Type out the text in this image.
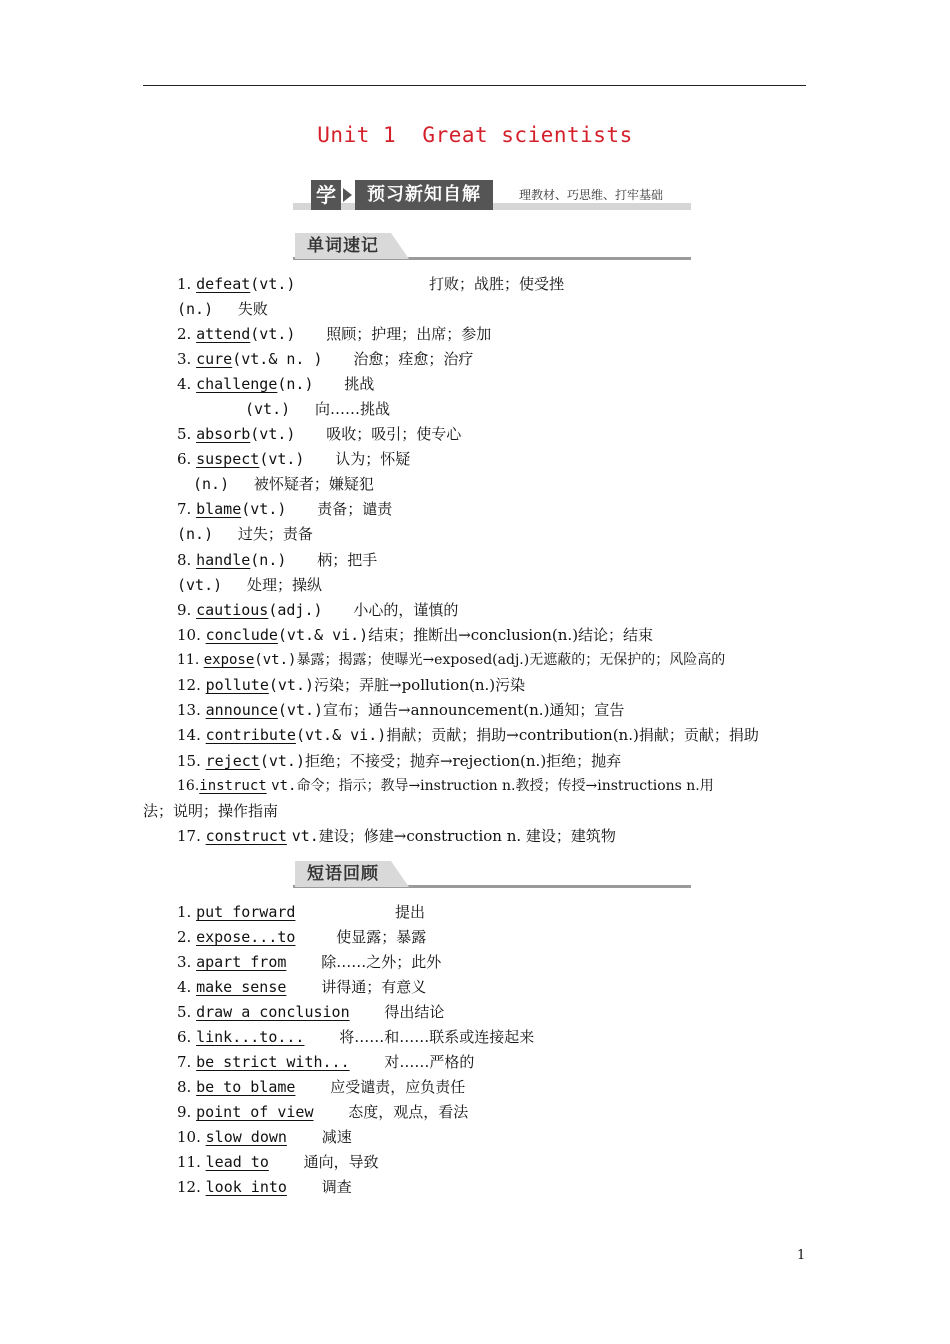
Unit 1  Great scientists
学	预习新知自解	理教材、巧思维、打牢基础
单词速记
1. defeat(vt.)	打败；战胜；使受挫
(n.) 失败
2. attend(vt.) 照顾；护理；出席；参加
3. cure(vt.& n. ) 治愈；痊愈；治疗
4. challenge(n.) 挑战
(vt.) 向……挑战
5. absorb(vt.) 吸收；吸引；使专心
6. suspect(vt.) 认为；怀疑
(n.) 被怀疑者；嫌疑犯
7. blame(vt.) 责备；谴责
(n.) 过失；责备
8. handle(n.) 柄；把手
(vt.) 处理；操纵
9. cautious(adj.) 小心的，谨慎的
10. conclude(vt.& vi.)结束；推断出→conclusion(n.)结论；结束
11. expose(vt.)暴露；揭露；使曝光→exposed(adj.)无遮蔽的；无保护的；风险高的
12. pollute(vt.)污染；弄脏→pollution(n.)污染
13. announce(vt.)宣布；通告→announcement(n.)通知；宣告
14. contribute(vt.& vi.)捐献；贡献；捐助→contribution(n.)捐献；贡献；捐助
15. reject(vt.)拒绝；不接受；抛弃→rejection(n.)拒绝；抛弃
16.instruct vt.命令；指示；教导→instruction n.教授；传授→instructions n.用
法；说明；操作指南
17. construct vt.建设；修建→construction n. 建设；建筑物
短语回顾
1. put forward	提出
2. expose...to	使显露；暴露
3. apart from 除……之外；此外
4. make sense 讲得通；有意义
5. draw a conclusion 得出结论
6. link...to... 将……和……联系或连接起来
7. be strict with... 对……严格的
8. be to blame 应受谴责，应负责任
9. point of view 态度，观点，看法
10. slow down 减速
11. lead to 通向，导致
12. look into 调查
1
